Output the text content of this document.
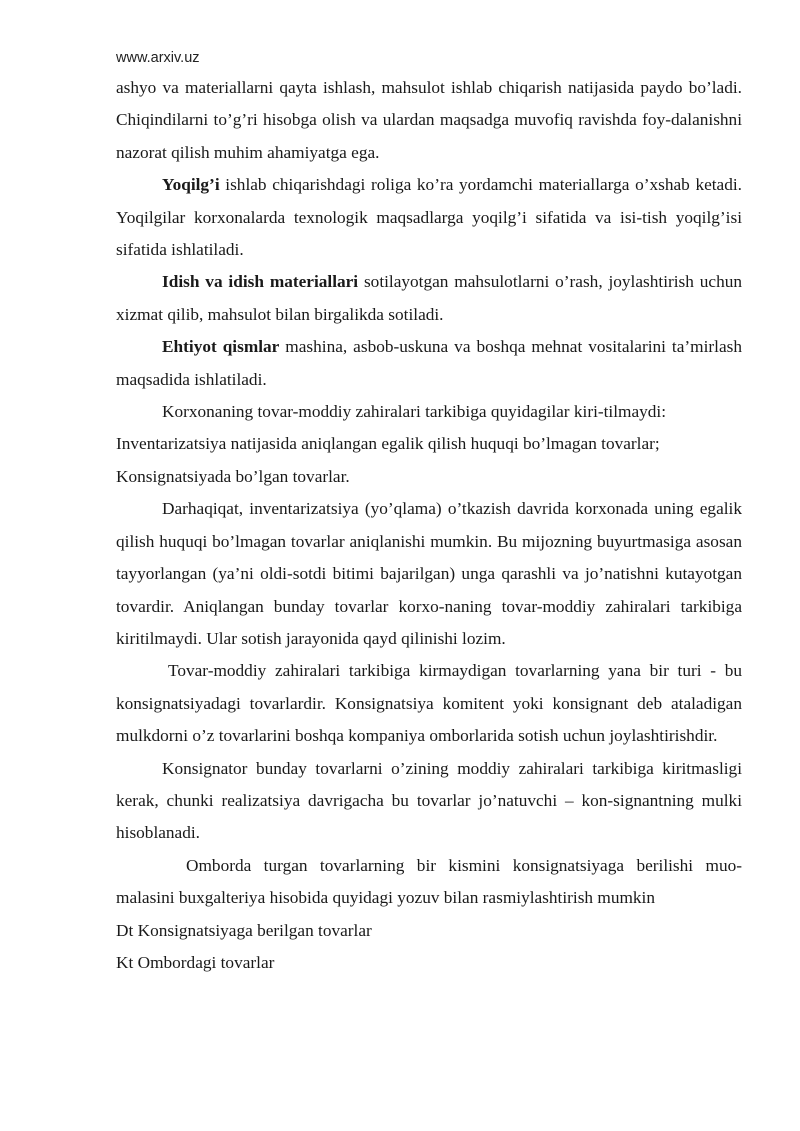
www.arxiv.uz

ashyo va materiallarni qayta ishlash, mahsulot ishlab chiqarish natijasida paydo bo’ladi. Chiqindilarni to’g’ri hisobga olish va ulardan maqsadga muvofiq ravishda foy-dalanishni nazorat qilish muhim ahamiyatga ega.

Yoqilg’i ishlab chiqarishdagi roliga ko’ra yordamchi materiallarga o’xshab ketadi. Yoqilgilar korxonalarda texnologik maqsadlarga yoqilg’i sifatida va isi-tish yoqilg’isi sifatida ishlatiladi.

Idish va idish materiallari sotilayotgan mahsulotlarni o’rash, joylashtirish uchun xizmat qilib, mahsulot bilan birgalikda sotiladi.

Ehtiyot qismlar mashina, asbob-uskuna va boshqa mehnat vositalarini ta’mirlash maqsadida ishlatiladi.

Korxonaning tovar-moddiy zahiralari tarkibiga quyidagilar kiri-tilmaydi:

Inventarizatsiya natijasida aniqlangan egalik qilish huquqi bo’lmagan tovarlar;

Konsignatsiyada bo’lgan tovarlar.

Darhaqiqat, inventarizatsiya (yo’qlama) o’tkazish davrida korxonada uning egalik qilish huquqi bo’lmagan tovarlar aniqlanishi mumkin. Bu mijozning buyurtmasiga asosan tayyorlangan (ya’ni oldi-sotdi bitimi bajarilgan) unga qarashli va jo’natishni kutayotgan tovardir. Aniqlangan bunday tovarlar korxo-naning tovar-moddiy zahiralari tarkibiga kiritilmaydi. Ular sotish jarayonida qayd qilinishi lozim.

Tovar-moddiy zahiralari tarkibiga kirmaydigan tovarlarning yana bir turi - bu konsignatsiyadagi tovarlardir. Konsignatsiya komitent yoki konsignant deb ataladigan mulkdorni o’z tovarlarini boshqa kompaniya omborlarida sotish uchun joylashtirishdir.

Konsignator bunday tovarlarni o’zining moddiy zahiralari tarkibiga kiritmasligi kerak, chunki realizatsiya davrigacha bu tovarlar jo’natuvchi – kon-signantning mulki hisoblanadi.

Omborda turgan tovarlarning bir kismini konsignatsiyaga berilishi muo-malasini buxgalteriya hisobida quyidagi yozuv bilan rasmiylashtirish mumkin

Dt Konsignatsiyaga berilgan tovarlar

Kt Ombordagi tovarlar
